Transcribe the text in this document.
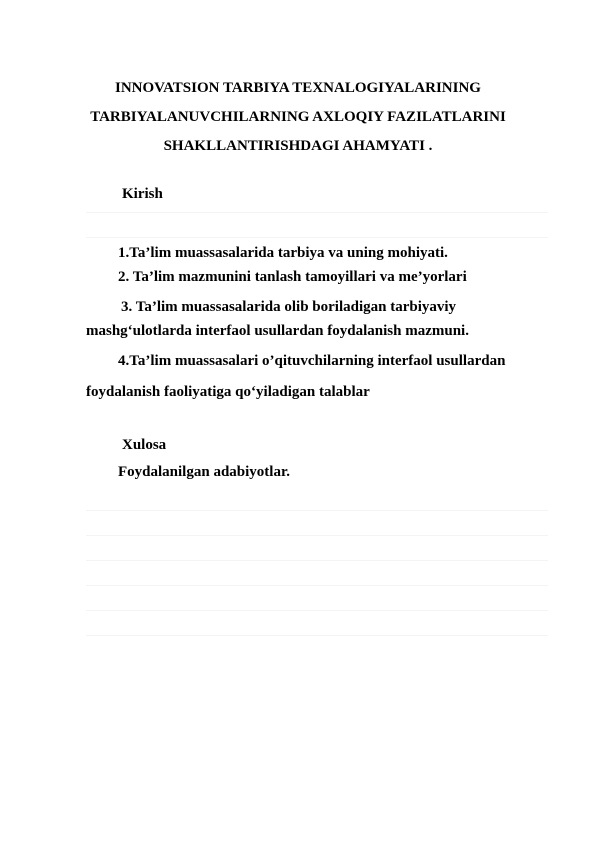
INNOVATSION TARBIYA TEXNALOGIYALARINING
TARBIYALANUVCHILARNING AXLOQIY FAZILATLARINI
SHAKLLANTIRISHDAGI AHAMYATI .
Kirish
1.Ta’lim muassasalarida tarbiya va uning mohiyati.
2. Ta’lim mazmunini tanlash tamoyillari va me’yorlari
3. Ta’lim muassasalarida olib boriladigan tarbiyaviy
mashg‘ulotlarda interfaol usullardan foydalanish mazmuni.
4.Ta’lim muassasalari o’qituvchilarning interfaol usullardan
foydalanish faoliyatiga qo‘yiladigan talablar
Xulosa
Foydalanilgan adabiyotlar.
